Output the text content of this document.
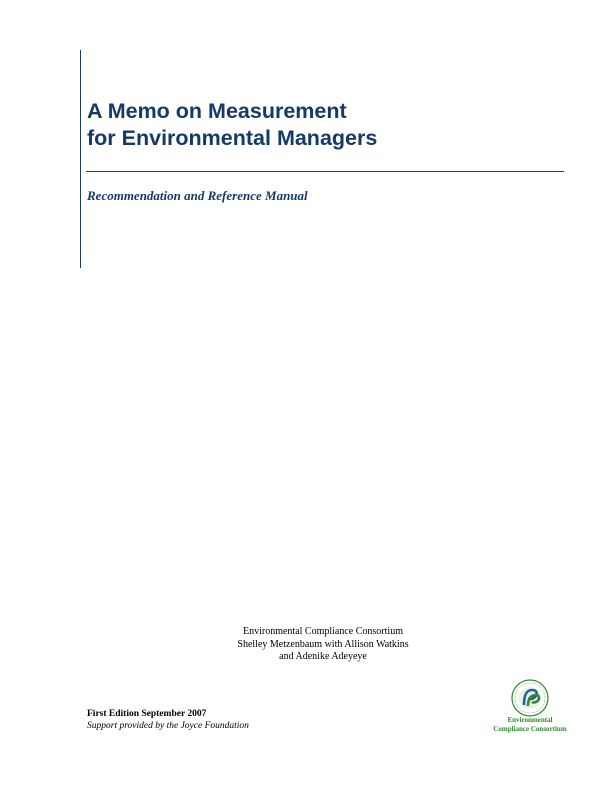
A Memo on Measurement
for Environmental Managers
Recommendation and Reference Manual
Environmental Compliance Consortium
Shelley Metzenbaum with Allison Watkins
and Adenike Adeyeye
First Edition September 2007
Support provided by the Joyce Foundation
Environmental
Compliance Consortium
